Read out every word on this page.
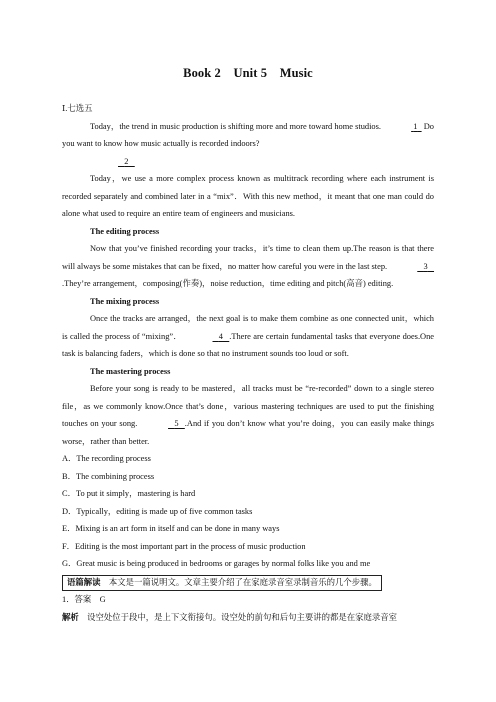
Book 2 Unit 5 Music

Ⅰ.七选五

Today，the trend in music production is shifting more and more toward home studios.	1   Do you want to know how music actually is recorded indoors?

2

Today，we use a more complex process known as multitrack recording where each instrument is recorded separately and combined later in a “mix”．With this new method，it meant that one man could do alone what used to require an entire team of engineers and musicians.

The editing process

Now that you’ve finished recording your tracks，it’s time to clean them up.The reason is that there will always be some mistakes that can be fixed，no matter how careful you were in the last step.	3   .They’re arrangement，composing(作奏)，noise reduction，time editing and pitch(高音) editing.

The mixing process

Once the tracks are arranged，the next goal is to make them combine as one connected unit，which is called the process of “mixing”．	4 .There are certain fundamental tasks that everyone does.One task is balancing faders，which is done so that no instrument sounds too loud or soft.

The mastering process

Before your song is ready to be mastered，all tracks must be “re-recorded” down to a single stereo file，as we commonly know.Once that’s done，various mastering techniques are used to put the finishing touches on your song.	5 .And if you don’t know what you’re doing，you can easily make things worse，rather than better.

A．The recording process

B．The combining process

C．To put it simply，mastering is hard

D．Typically，editing is made up of five common tasks

E．Mixing is an art form in itself and can be done in many ways

F．Editing is the most important part in the process of music production

G．Great music is being produced in bedrooms or garages by normal folks like you and me

语篇解读　本文是一篇说明文。文章主要介绍了在家庭录音室录制音乐的几个步骤。

1．答案　G

解析　设空处位于段中，是上下文衔接句。设空处的前句和后句主要讲的都是在家庭录音室
